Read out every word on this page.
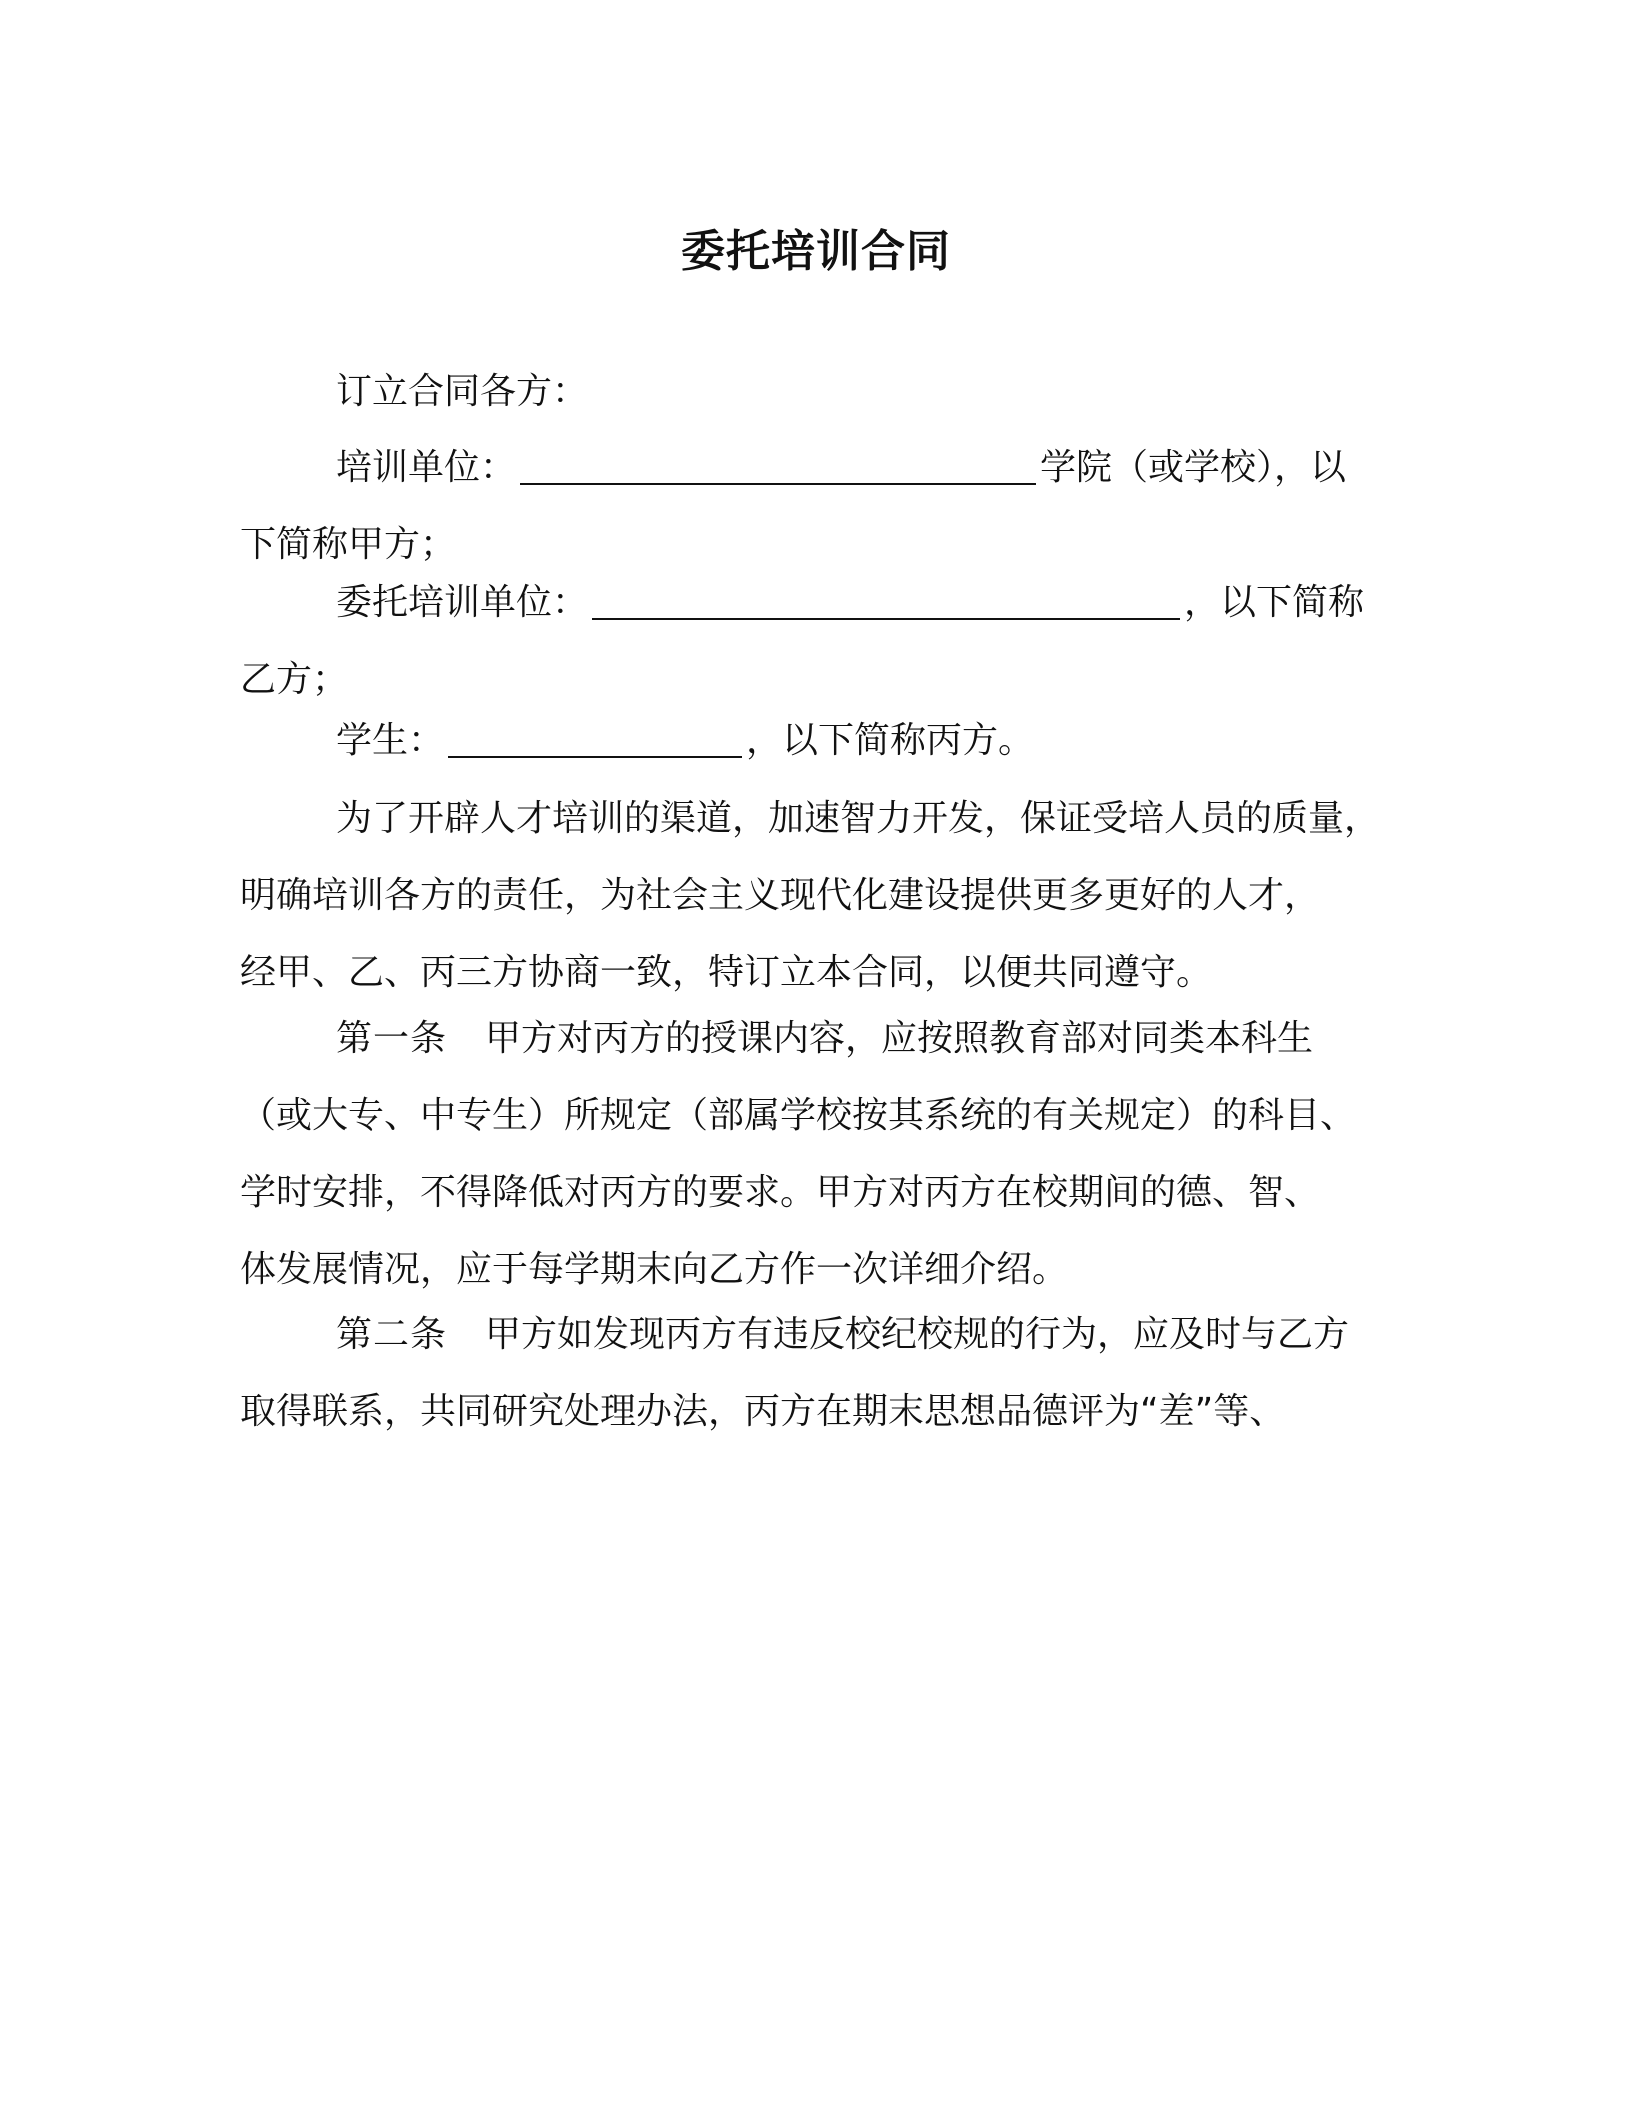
委托培训合同
订立合同各方：
培训单位：	学院（或学校），以
下简称甲方；
委托培训单位：	，以下简称
乙方；
学生：	，以下简称丙方。
为了开辟人才培训的渠道，加速智力开发，保证受培人员的质量，
明确培训各方的责任，为社会主义现代化建设提供更多更好的人才，
经甲、乙、丙三方协商一致，特订立本合同，以便共同遵守。
第一条 甲方对丙方的授课内容，应按照教育部对同类本科生
（或大专、中专生）所规定（部属学校按其系统的有关规定）的科目、
学时安排，不得降低对丙方的要求。甲方对丙方在校期间的德、智、
体发展情况，应于每学期末向乙方作一次详细介绍。
第二条 甲方如发现丙方有违反校纪校规的行为，应及时与乙方
取得联系，共同研究处理办法，丙方在期末思想品德评为“差”等、
